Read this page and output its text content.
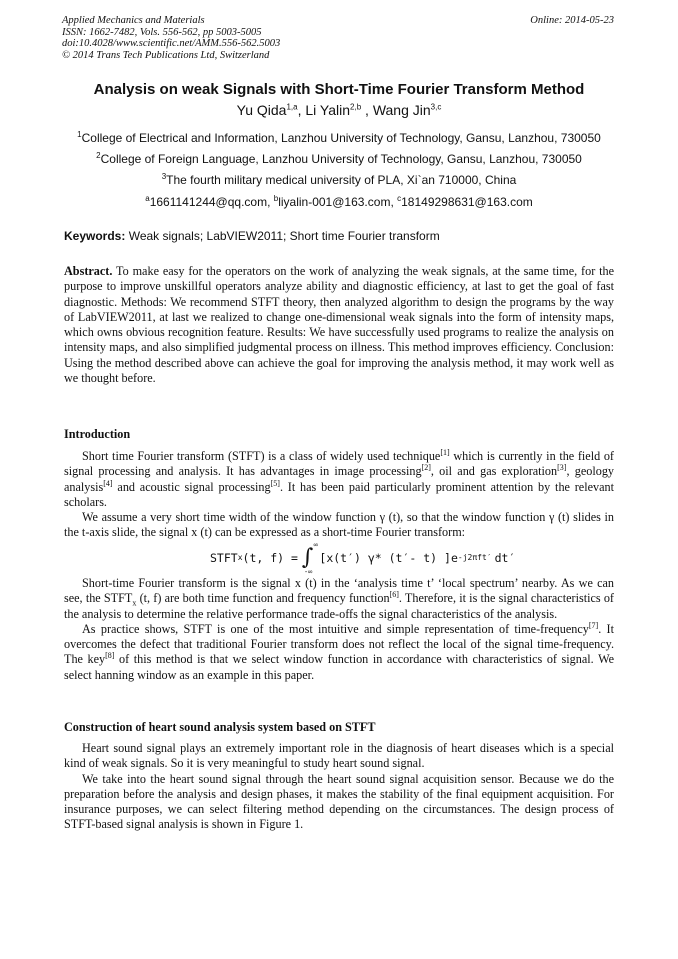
Applied Mechanics and Materials
ISSN: 1662-7482, Vols. 556-562, pp 5003-5005
doi:10.4028/www.scientific.net/AMM.556-562.5003
© 2014 Trans Tech Publications Ltd, Switzerland
Online: 2014-05-23
Analysis on weak Signals with Short-Time Fourier Transform Method
Yu Qida$^{1,a}$, Li Yalin$^{2,b}$ , Wang Jin$^{3,c}$
$^1$College of Electrical and Information, Lanzhou University of Technology, Gansu, Lanzhou, 730050
$^2$College of Foreign Language, Lanzhou University of Technology, Gansu, Lanzhou, 730050
$^3$The fourth military medical university of PLA, Xi`an 710000, China
$^a$1661141244@qq.com, $^b$liyalin-001@163.com, $^c$18149298631@163.com
Keywords: Weak signals; LabVIEW2011; Short time Fourier transform

Abstract. To make easy for the operators on the work of analyzing the weak signals, at the same time, for the purpose to improve unskillful operators analyze ability and diagnostic efficiency, at last to get the goal of fast diagnostic. Methods: We recommend STFT theory, then analyzed algorithm to design the programs by the way of LabVIEW2011, at last we realized to change one-dimensional weak signals into the form of intensity maps, which owns obvious recognition feature. Results: We have successfully used programs to realize the analysis on intensity maps, and also simplified judgmental process on illness. This method improves efficiency. Conclusion: Using the method described above can achieve the goal for improving the analysis method, it may work well as we thought before.

Introduction

Short time Fourier transform (STFT) is a class of widely used technique[1] which is currently in the field of signal processing and analysis. It has advantages in image processing[2], oil and gas exploration[3], geology analysis[4] and acoustic signal processing[5]. It has been paid particularly prominent attention by the relevant scholars.

We assume a very short time width of the window function γ (t), so that the window function γ (t) slides in the t-axis slide, the signal x (t) can be expressed as a short-time Fourier transform:

STFT x (t, f) = ∫ ∞
-∞
[x(t′) γ* (t′- t) ]e -j2πft′ dt′

Short-time Fourier transform is the signal x (t) in the ‘analysis time t’ ‘local spectrum’ nearby. As we can see, the $STFT_x$ (t, f) are both time function and frequency function[6]. Therefore, it is the signal characteristics of the analysis to determine the relative performance trade-offs the signal characteristics of the analysis.

As practice shows, STFT is one of the most intuitive and simple representation of time-frequency[7]. It overcomes the defect that traditional Fourier transform does not reflect the local of the signal time-frequency. The key[8] of this method is that we select window function in accordance with characteristics of signal. We select hanning window as an example in this paper.

Construction of heart sound analysis system based on STFT

Heart sound signal plays an extremely important role in the diagnosis of heart diseases which is a special kind of weak signals. So it is very meaningful to study heart sound signal.

We take into the heart sound signal through the heart sound signal acquisition sensor. Because we do the preparation before the analysis and design phases, it makes the stability of the final equipment acquisition. For insurance purposes, we can select filtering method depending on the circumstances. The design process of STFT-based signal analysis is shown in Figure 1.
